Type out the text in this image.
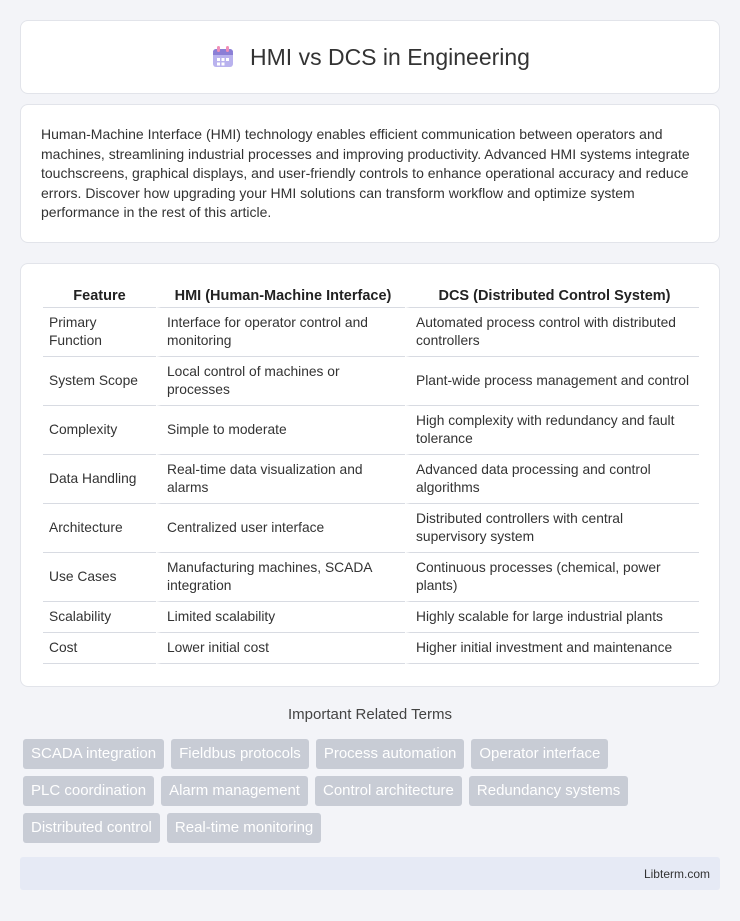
HMI vs DCS in Engineering

Human-Machine Interface (HMI) technology enables efficient communication between operators and machines, streamlining industrial processes and improving productivity. Advanced HMI systems integrate touchscreens, graphical displays, and user-friendly controls to enhance operational accuracy and reduce errors. Discover how upgrading your HMI solutions can transform workflow and optimize system performance in the rest of this article.

Feature	HMI (Human-Machine Interface)	DCS (Distributed Control System)
Primary Function	Interface for operator control and monitoring	Automated process control with distributed controllers
System Scope	Local control of machines or processes	Plant-wide process management and control
Complexity	Simple to moderate	High complexity with redundancy and fault tolerance
Data Handling	Real-time data visualization and alarms	Advanced data processing and control algorithms
Architecture	Centralized user interface	Distributed controllers with central supervisory system
Use Cases	Manufacturing machines, SCADA integration	Continuous processes (chemical, power plants)
Scalability	Limited scalability	Highly scalable for large industrial plants
Cost	Lower initial cost	Higher initial investment and maintenance
Important Related Terms
SCADA integration	Fieldbus protocols	Process automation	Operator interface
PLC coordination	Alarm management	Control architecture	Redundancy systems
Distributed control	Real-time monitoring
Libterm.com
